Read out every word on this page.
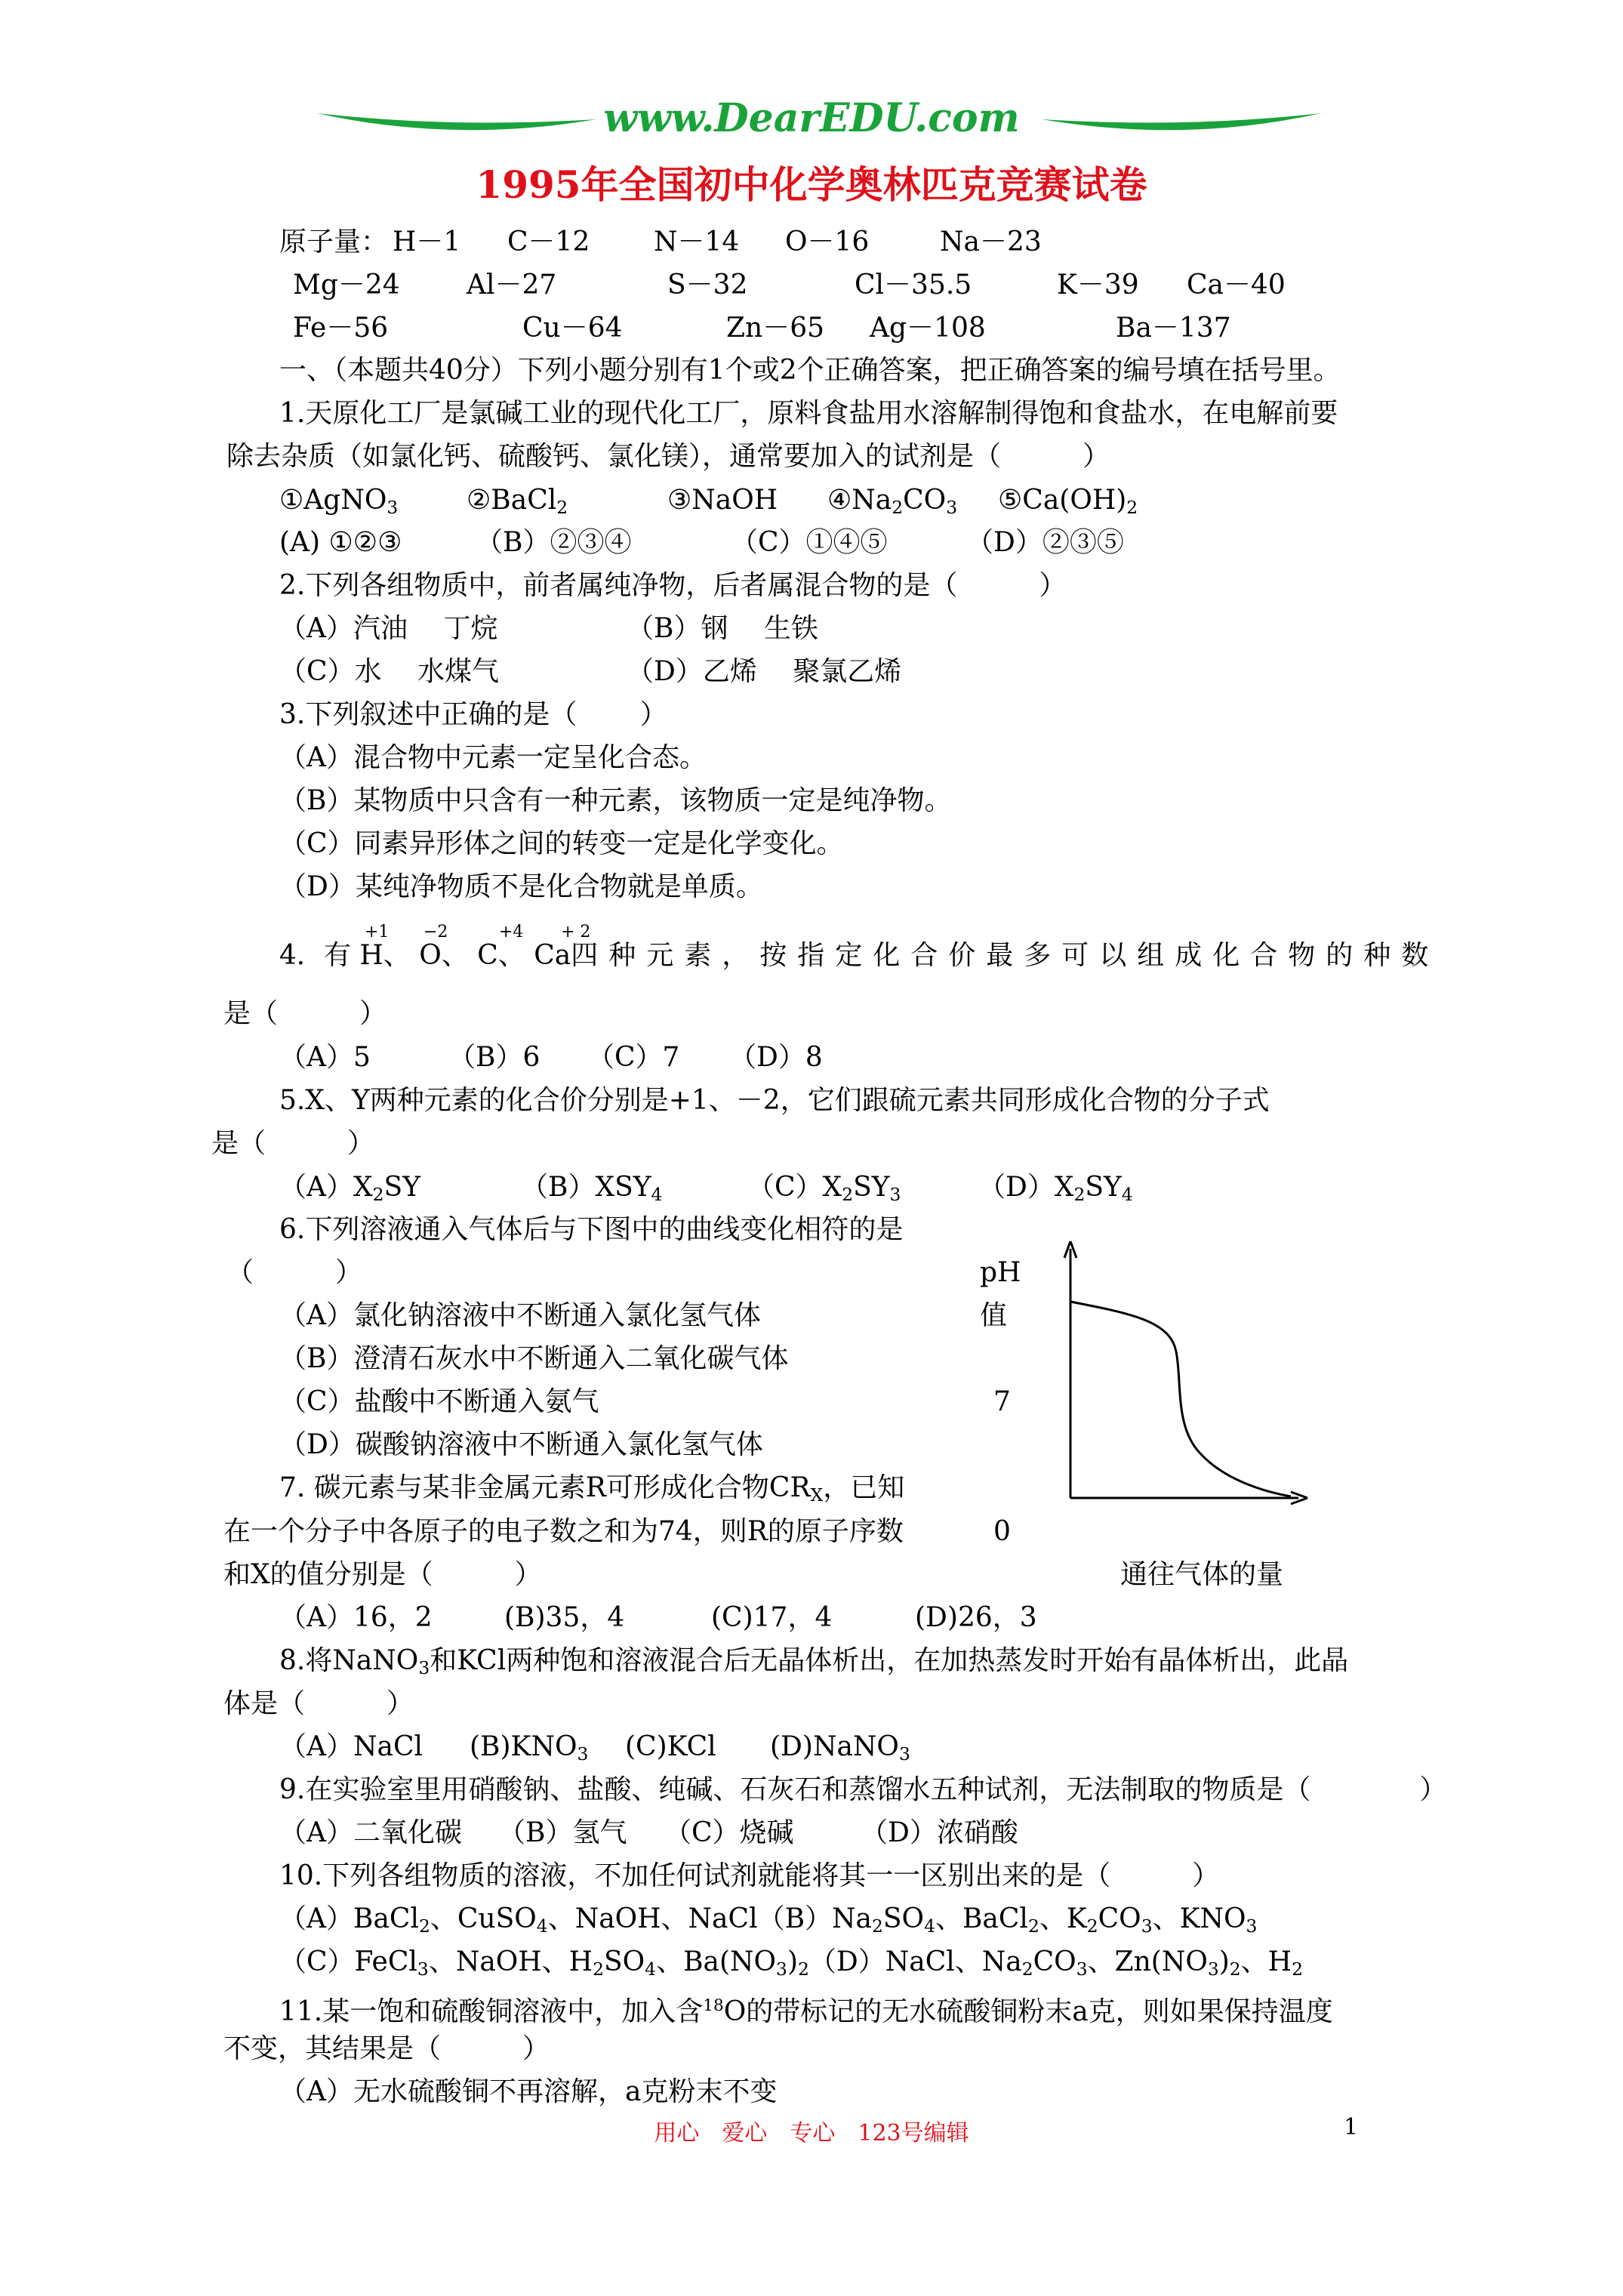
www.DearEDU.com
1995年全国初中化学奥林匹克竞赛试卷
原子量： H－1 C－12 N－14 O－16	Na－23
Mg－24 Al－27	S－32	Cl－35.5	K－39 Ca－40
Fe－56	Cu－64	Zn－65 Ag－108	Ba－137
一、（本题共40分）下列小题分别有1个或2个正确答案，把正确答案的编号填在括号里。
1.天原化工厂是氯碱工业的现代化工厂，原料食盐用水溶解制得饱和食盐水，在电解前要
除去杂质（如氯化钙、硫酸钙、氯化镁），通常要加入的试剂是（　　　）
①AgNO$_3$	②BaCl$_2$	③NaOH $④Na_2CO_3$ $⑤Ca(OH)_2$
(A) ①②③	（B）②③④	（C）①④⑤	（D）②③⑤
2.下列各组物质中，前者属纯净物，后者属混合物的是（　　　）
（A）汽油　 丁烷	（B）钢　 生铁
（C）水　 水煤气	（D）乙烯　 聚氯乙烯
3.下列叙述中正确的是（　　 ）
（A）混合物中元素一定呈化合态。
（B）某物质中只含有一种元素，该物质一定是纯净物。
（C）同素异形体之间的转变一定是化学变化。
（D）某纯净物质不是化合物就是单质。
+1 −2	+4 + 2
4．有 H、 O、 C、 Ca四种元素，按指定化合价最多可以组成化合物的种数
是（　　　）
（A）5	（B）6 （C）7 （D）8
5.X、Y两种元素的化合价分别是+1、－2，它们跟硫元素共同形成化合物的分子式
是（　　　）
$(A)X_2SY$	$(B)XSY_4$	$(C)X_2SY_3$	$(D)X_2SY_4$
6.下列溶液通入气体后与下图中的曲线变化相符的是
（　　　）
（A）氯化钠溶液中不断通入氯化氢气体
（B）澄清石灰水中不断通入二氧化碳气体
（C）盐酸中不断通入氨气
（D）碳酸钠溶液中不断通入氯化氢气体
pH
值
7
0
通往气体的量
7. 碳元素与某非金属元素R可形成化合物$CR_X$，已知
在一个分子中各原子的电子数之和为74，则R的原子序数
和X的值分别是（　　　）
（A）16，2	(B)35，4	(C)17，4	(D)26，3
8.将NaNO$_3$和KCl两种饱和溶液混合后无晶体析出，在加热蒸发时开始有晶体析出，此晶
体是（　　　）
（A）NaCl $(B)KNO_3$ (C)KCl (D)NaNO$_3$
9.在实验室里用硝酸钠、盐酸、纯碱、石灰石和蒸馏水五种试剂，无法制取的物质是（　　　　）
（A）二氧化碳 （B）氢气 （C）烧碱 （D）浓硝酸
10.下列各组物质的溶液，不加任何试剂就能将其一一区别出来的是（　　　）
（A）BaCl$_2$、CuSO$_4$、NaOH、$NaCl(B)Na_2SO_4$、BaCl$_2$、$K_2CO_3$、$KNO_3$
（C）FeCl$_3$、NaOH、$H_2SO_4$、$Ba(NO_3)_2(D)NaCl$、$Na_2CO_3$、$Zn(NO_3)_2$、$H_2$
11.某一饱和硫酸铜溶液中，加入含$^{18}$O的带标记的无水硫酸铜粉末a克，则如果保持温度
不变，其结果是（　　　）
（A）无水硫酸铜不再溶解，a克粉末不变
用心　爱心　专心　123号编辑	1
